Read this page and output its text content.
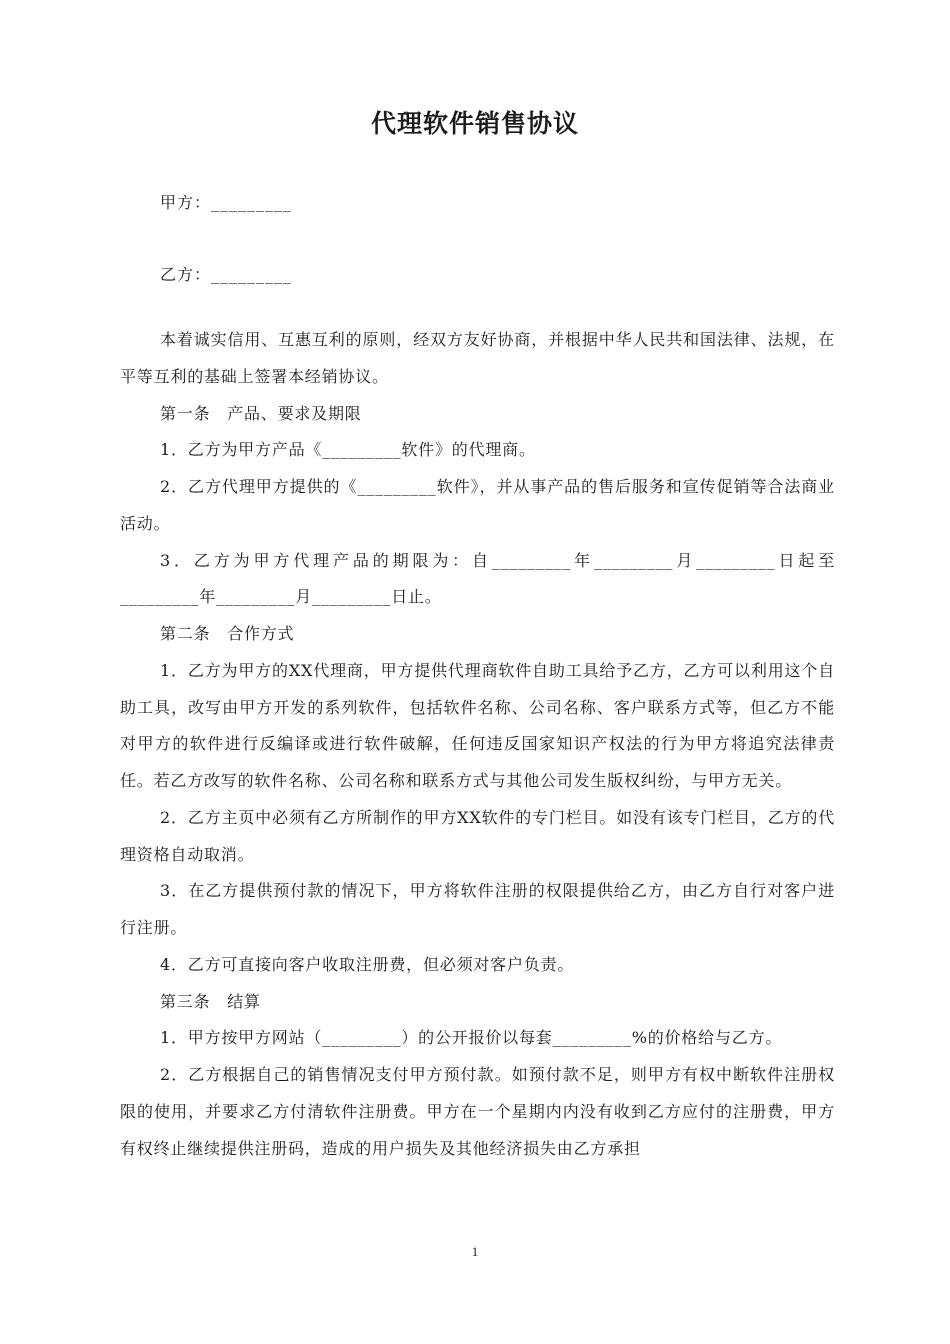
代理软件销售协议
甲方：_________
乙方：_________

本着诚实信用、互惠互利的原则，经双方友好协商，并根据中华人民共和国法律、法规，在平等互利的基础上签署本经销协议。

第一条　产品、要求及期限

1．乙方为甲方产品《_________软件》的代理商。

2．乙方代理甲方提供的《_________软件》，并从事产品的售后服务和宣传促销等合法商业活动。

3．乙方为甲方代理产品的期限为：自_________年_________月_________日起至_________年_________月_________日止。

第二条　合作方式

1．乙方为甲方的XX代理商，甲方提供代理商软件自助工具给予乙方，乙方可以利用这个自助工具，改写由甲方开发的系列软件，包括软件名称、公司名称、客户联系方式等，但乙方不能对甲方的软件进行反编译或进行软件破解，任何违反国家知识产权法的行为甲方将追究法律责任。若乙方改写的软件名称、公司名称和联系方式与其他公司发生版权纠纷，与甲方无关。

2．乙方主页中必须有乙方所制作的甲方XX软件的专门栏目。如没有该专门栏目，乙方的代理资格自动取消。

3．在乙方提供预付款的情况下，甲方将软件注册的权限提供给乙方，由乙方自行对客户进行注册。

4．乙方可直接向客户收取注册费，但必须对客户负责。

第三条　结算

1．甲方按甲方网站（_________）的公开报价以每套_________%的价格给与乙方。

2．乙方根据自己的销售情况支付甲方预付款。如预付款不足，则甲方有权中断软件注册权限的使用，并要求乙方付清软件注册费。甲方在一个星期内内没有收到乙方应付的注册费，甲方有权终止继续提供注册码，造成的用户损失及其他经济损失由乙方承担

1
